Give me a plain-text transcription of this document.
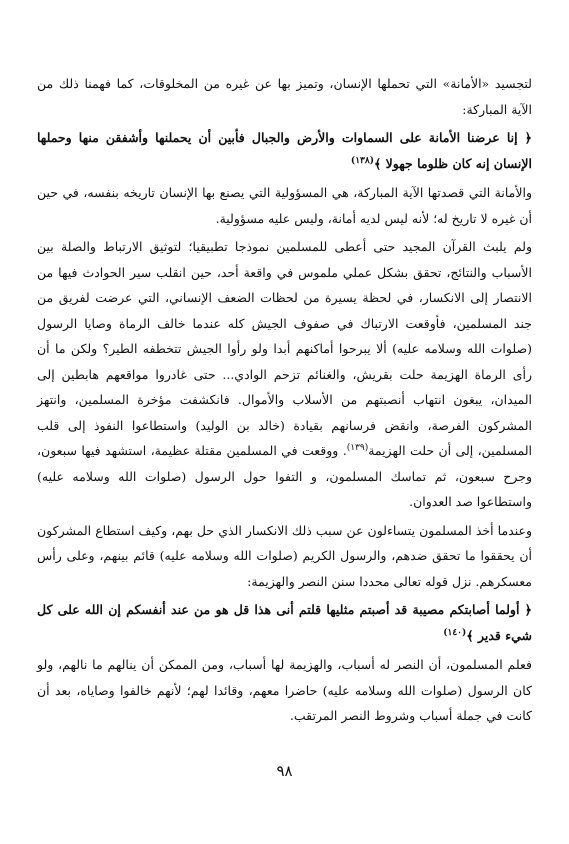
لتجسيد «الأمانة» التي تحملها الإنسان، وتميز بها عن غيره من المخلوقات، كما فهمنا ذلك من الآية المباركة:

﴿ إنا عرضنا الأمانة على السماوات والأرض والجبال فأبين أن يحملنها وأشفقن منها وحملها الإنسان إنه كان ظلوما جهولا ﴾$^{(١٣٨)}$

والأمانة التي قصدتها الآية المباركة، هي المسؤولية التي يصنع بها الإنسان تاريخه بنفسه، في حين أن غيره لا تاريخ له؛ لأنه ليس لديه أمانة، وليس عليه مسؤولية.

ولم يلبث القرآن المجيد حتى أعطى للمسلمين نموذجا تطبيقيا؛ لتوثيق الارتباط والصلة بين الأسباب والنتائج، تحقق بشكل عملي ملموس في واقعة أحد، حين انقلب سير الحوادث فيها من الانتصار إلى الانكسار، في لحظة يسيرة من لحظات الضعف الإنساني، التي عرضت لفريق من جند المسلمين، فأوقعت الارتباك في صفوف الجيش كله عندما خالف الرماة وصايا الرسول (صلوات الله وسلامه عليه) ألا يبرحوا أماكنهم أبدا ولو رأوا الجيش تتخطفه الطير؟ ولكن ما أن رأى الرماة الهزيمة حلت بقريش، والغنائم تزحم الوادي... حتى غادروا مواقعهم هابطين إلى الميدان، يبغون انتهاب أنصبتهم من الأسلاب والأموال. فانكشفت مؤخرة المسلمين، وانتهز المشركون الفرصة، وانقض فرسانهم بقيادة (خالد بن الوليد) واستطاعوا النفوذ إلى قلب المسلمين، إلى أن حلت الهزيمة$^{(١٣٩)}$. ووقعت في المسلمين مقتلة عظيمة، استشهد فيها سبعون، وجرح سبعون، ثم تماسك المسلمون، و التفوا حول الرسول (صلوات الله وسلامه عليه) واستطاعوا صد العدوان.

وعندما أخذ المسلمون يتساءلون عن سبب ذلك الانكسار الذي حل بهم، وكيف استطاع المشركون أن يحققوا ما تحقق ضدهم، والرسول الكريم (صلوات الله وسلامه عليه) قائم بينهم، وعلى رأس معسكرهم. نزل قوله تعالى محددا سنن النصر والهزيمة:

﴿ أولما أصابتكم مصيبة قد أصبتم مثليها قلتم أنى هذا قل هو من عند أنفسكم إن الله على كل شيء قدير ﴾$^{(١٤٠)}$

فعلم المسلمون، أن النصر له أسباب، والهزيمة لها أسباب، ومن الممكن أن ينالهم ما نالهم، ولو كان الرسول (صلوات الله وسلامه عليه) حاضرا معهم، وقائدا لهم؛ لأنهم خالفوا وصاياه، بعد أن كانت في جملة أسباب وشروط النصر المرتقب.

٩٨
